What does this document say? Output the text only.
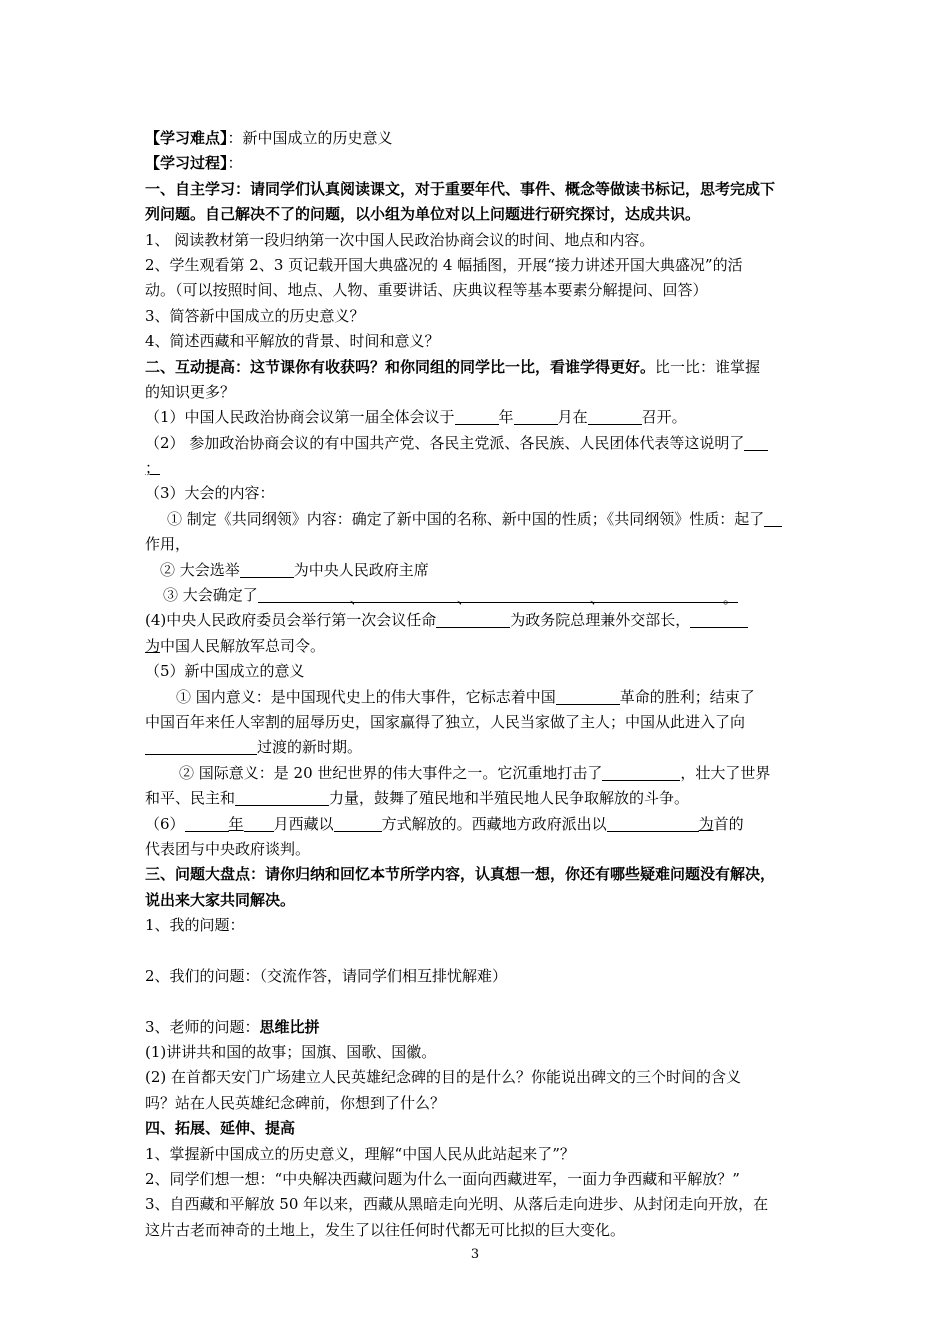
【学习难点】：新中国成立的历史意义
【学习过程】：
一、自主学习：请同学们认真阅读课文，对于重要年代、事件、概念等做读书标记，思考完成下
列问题。自己解决不了的问题，以小组为单位对以上问题进行研究探讨，达成共识。
1、 阅读教材第一段归纳第一次中国人民政治协商会议的时间、地点和内容。
2、学生观看第 2、3 页记载开国大典盛况的 4 幅插图，开展“接力讲述开国大典盛况”的活
动。（可以按照时间、地点、人物、重要讲话、庆典议程等基本要素分解提问、回答）
3、简答新中国成立的历史意义？
4、简述西藏和平解放的背景、时间和意义？
二、互动提高：这节课你有收获吗？和你同组的同学比一比，看谁学得更好。比一比：谁掌握
的知识更多？
（1）中国人民政治协商会议第一届全体会议于	年	月在	召开。
（2） 参加政治协商会议的有中国共产党、各民主党派、各民族、人民团体代表等这说明了
；
（3）大会的内容：
① 制定《共同纲领》内容：确定了新中国的名称、新中国的性质；《共同纲领》性质：起了
作用，
② 大会选举	为中央人民政府主席
③ 大会确定了	、	、	、	。
(4)中央人民政府委员会举行第一次会议任命	为政务院总理兼外交部长，
为中国人民解放军总司令。
（5）新中国成立的意义
① 国内意义：是中国现代史上的伟大事件，它标志着中国	革命的胜利；结束了
中国百年来任人宰割的屈辱历史，国家赢得了独立，人民当家做了主人；中国从此进入了向
过渡的新时期。
② 国际意义：是 20 世纪世界的伟大事件之一。它沉重地打击了	，壮大了世界
和平、民主和	力量，鼓舞了殖民地和半殖民地人民争取解放的斗争。
（6）	年 月西藏以	方式解放的。西藏地方政府派出以	为首的
代表团与中央政府谈判。
三、问题大盘点：请你归纳和回忆本节所学内容，认真想一想，你还有哪些疑难问题没有解决，
说出来大家共同解决。
1、我的问题：
2、我们的问题：（交流作答，请同学们相互排忧解难）
3、老师的问题：思维比拼
(1)讲讲共和国的故事；国旗、国歌、国徽。
(2) 在首都天安门广场建立人民英雄纪念碑的目的是什么？你能说出碑文的三个时间的含义
吗？站在人民英雄纪念碑前，你想到了什么？
四、拓展、延伸、提高
1、掌握新中国成立的历史意义，理解“中国人民从此站起来了”？
2、同学们想一想：“中央解决西藏问题为什么一面向西藏进军，一面力争西藏和平解放？”
3、自西藏和平解放 50 年以来，西藏从黑暗走向光明、从落后走向进步、从封闭走向开放，在
这片古老而神奇的土地上，发生了以往任何时代都无可比拟的巨大变化。
3
